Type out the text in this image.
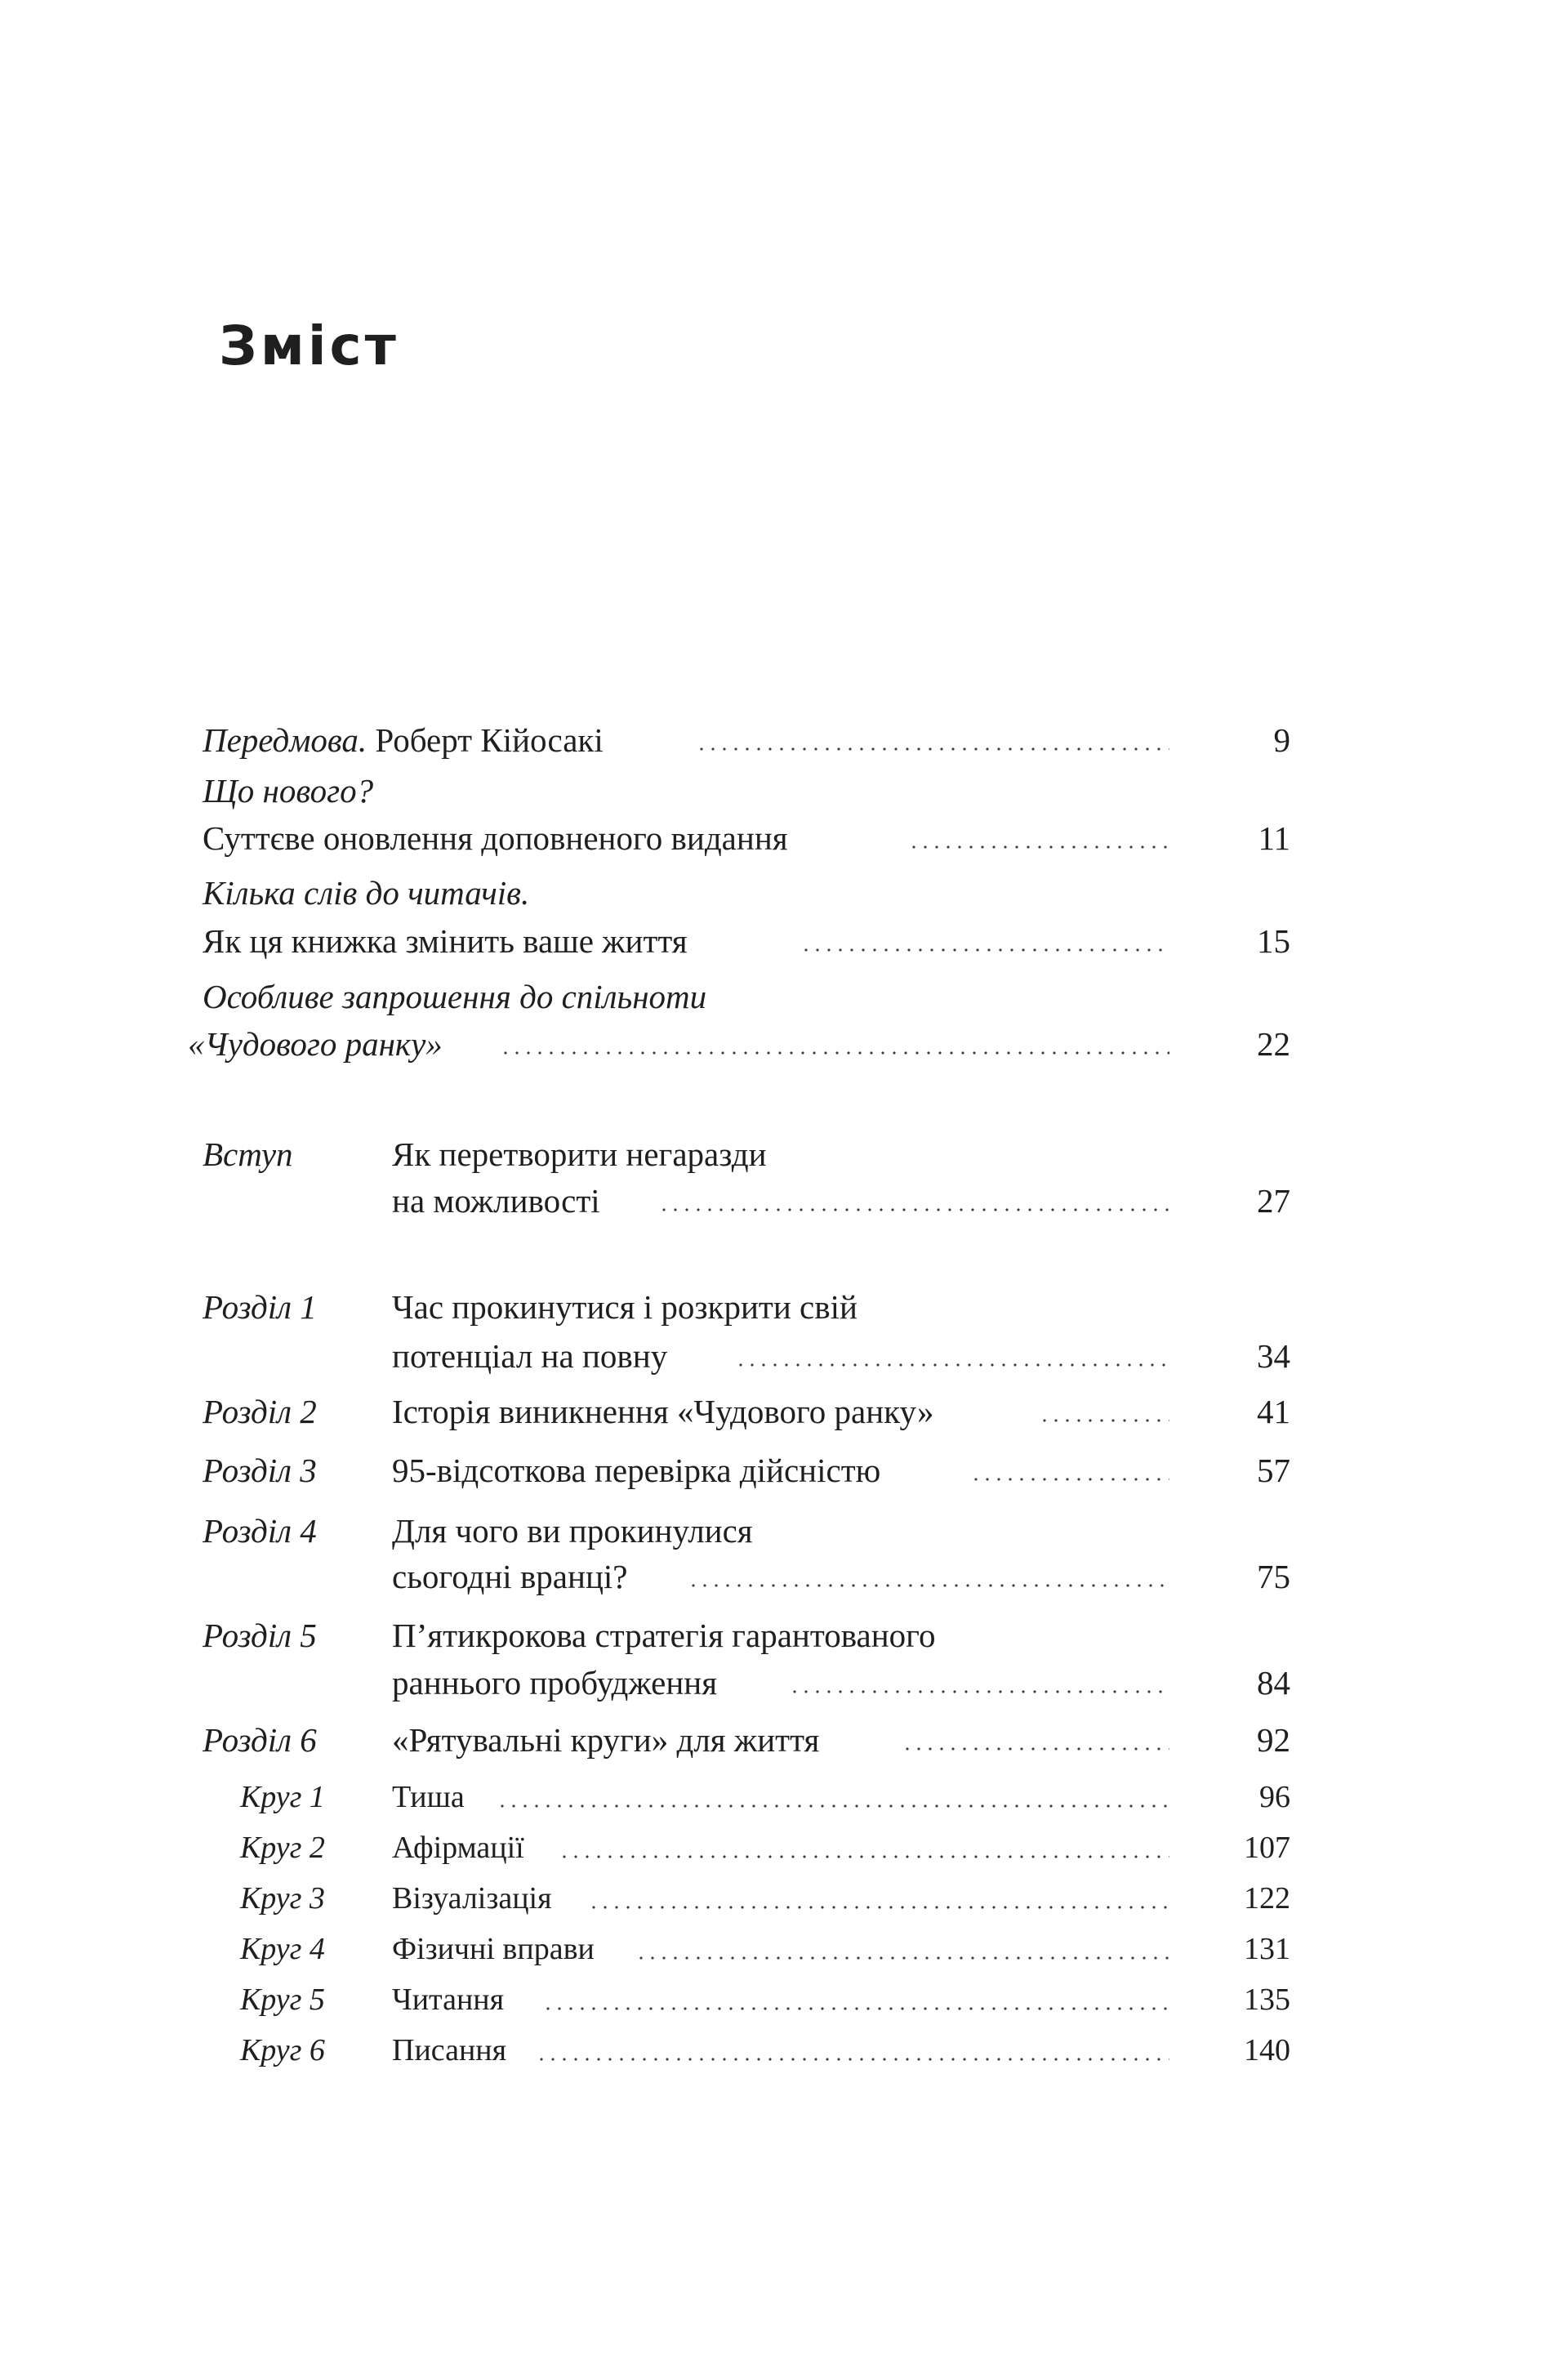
Зміст
Передмова. Роберт Кійосакі	9
Що нового?
Суттєве оновлення доповненого видання	11
Кілька слів до читачів.
Як ця книжка змінить ваше життя	15
Особливе запрошення до спільноти
«Чудового ранку»	22
Вступ	Як перетворити негаразди
на можливості	27
Розділ 1 Час прокинутися і розкрити свій
потенціал на повну	34
Розділ 2 Історія виникнення «Чудового ранку»	41
Розділ 3 95-відсоткова перевірка дійсністю	57
Розділ 4 Для чого ви прокинулися
сьогодні вранці?	75
Розділ 5 П’ятикрокова стратегія гарантованого
раннього пробудження	84
Розділ 6 «Рятувальні круги» для життя	92
Круг 1 Тиша	96
Круг 2 Афірмації	107
Круг 3 Візуалізація	122
Круг 4 Фізичні вправи	131
Круг 5 Читання	135
Круг 6 Писання	140
